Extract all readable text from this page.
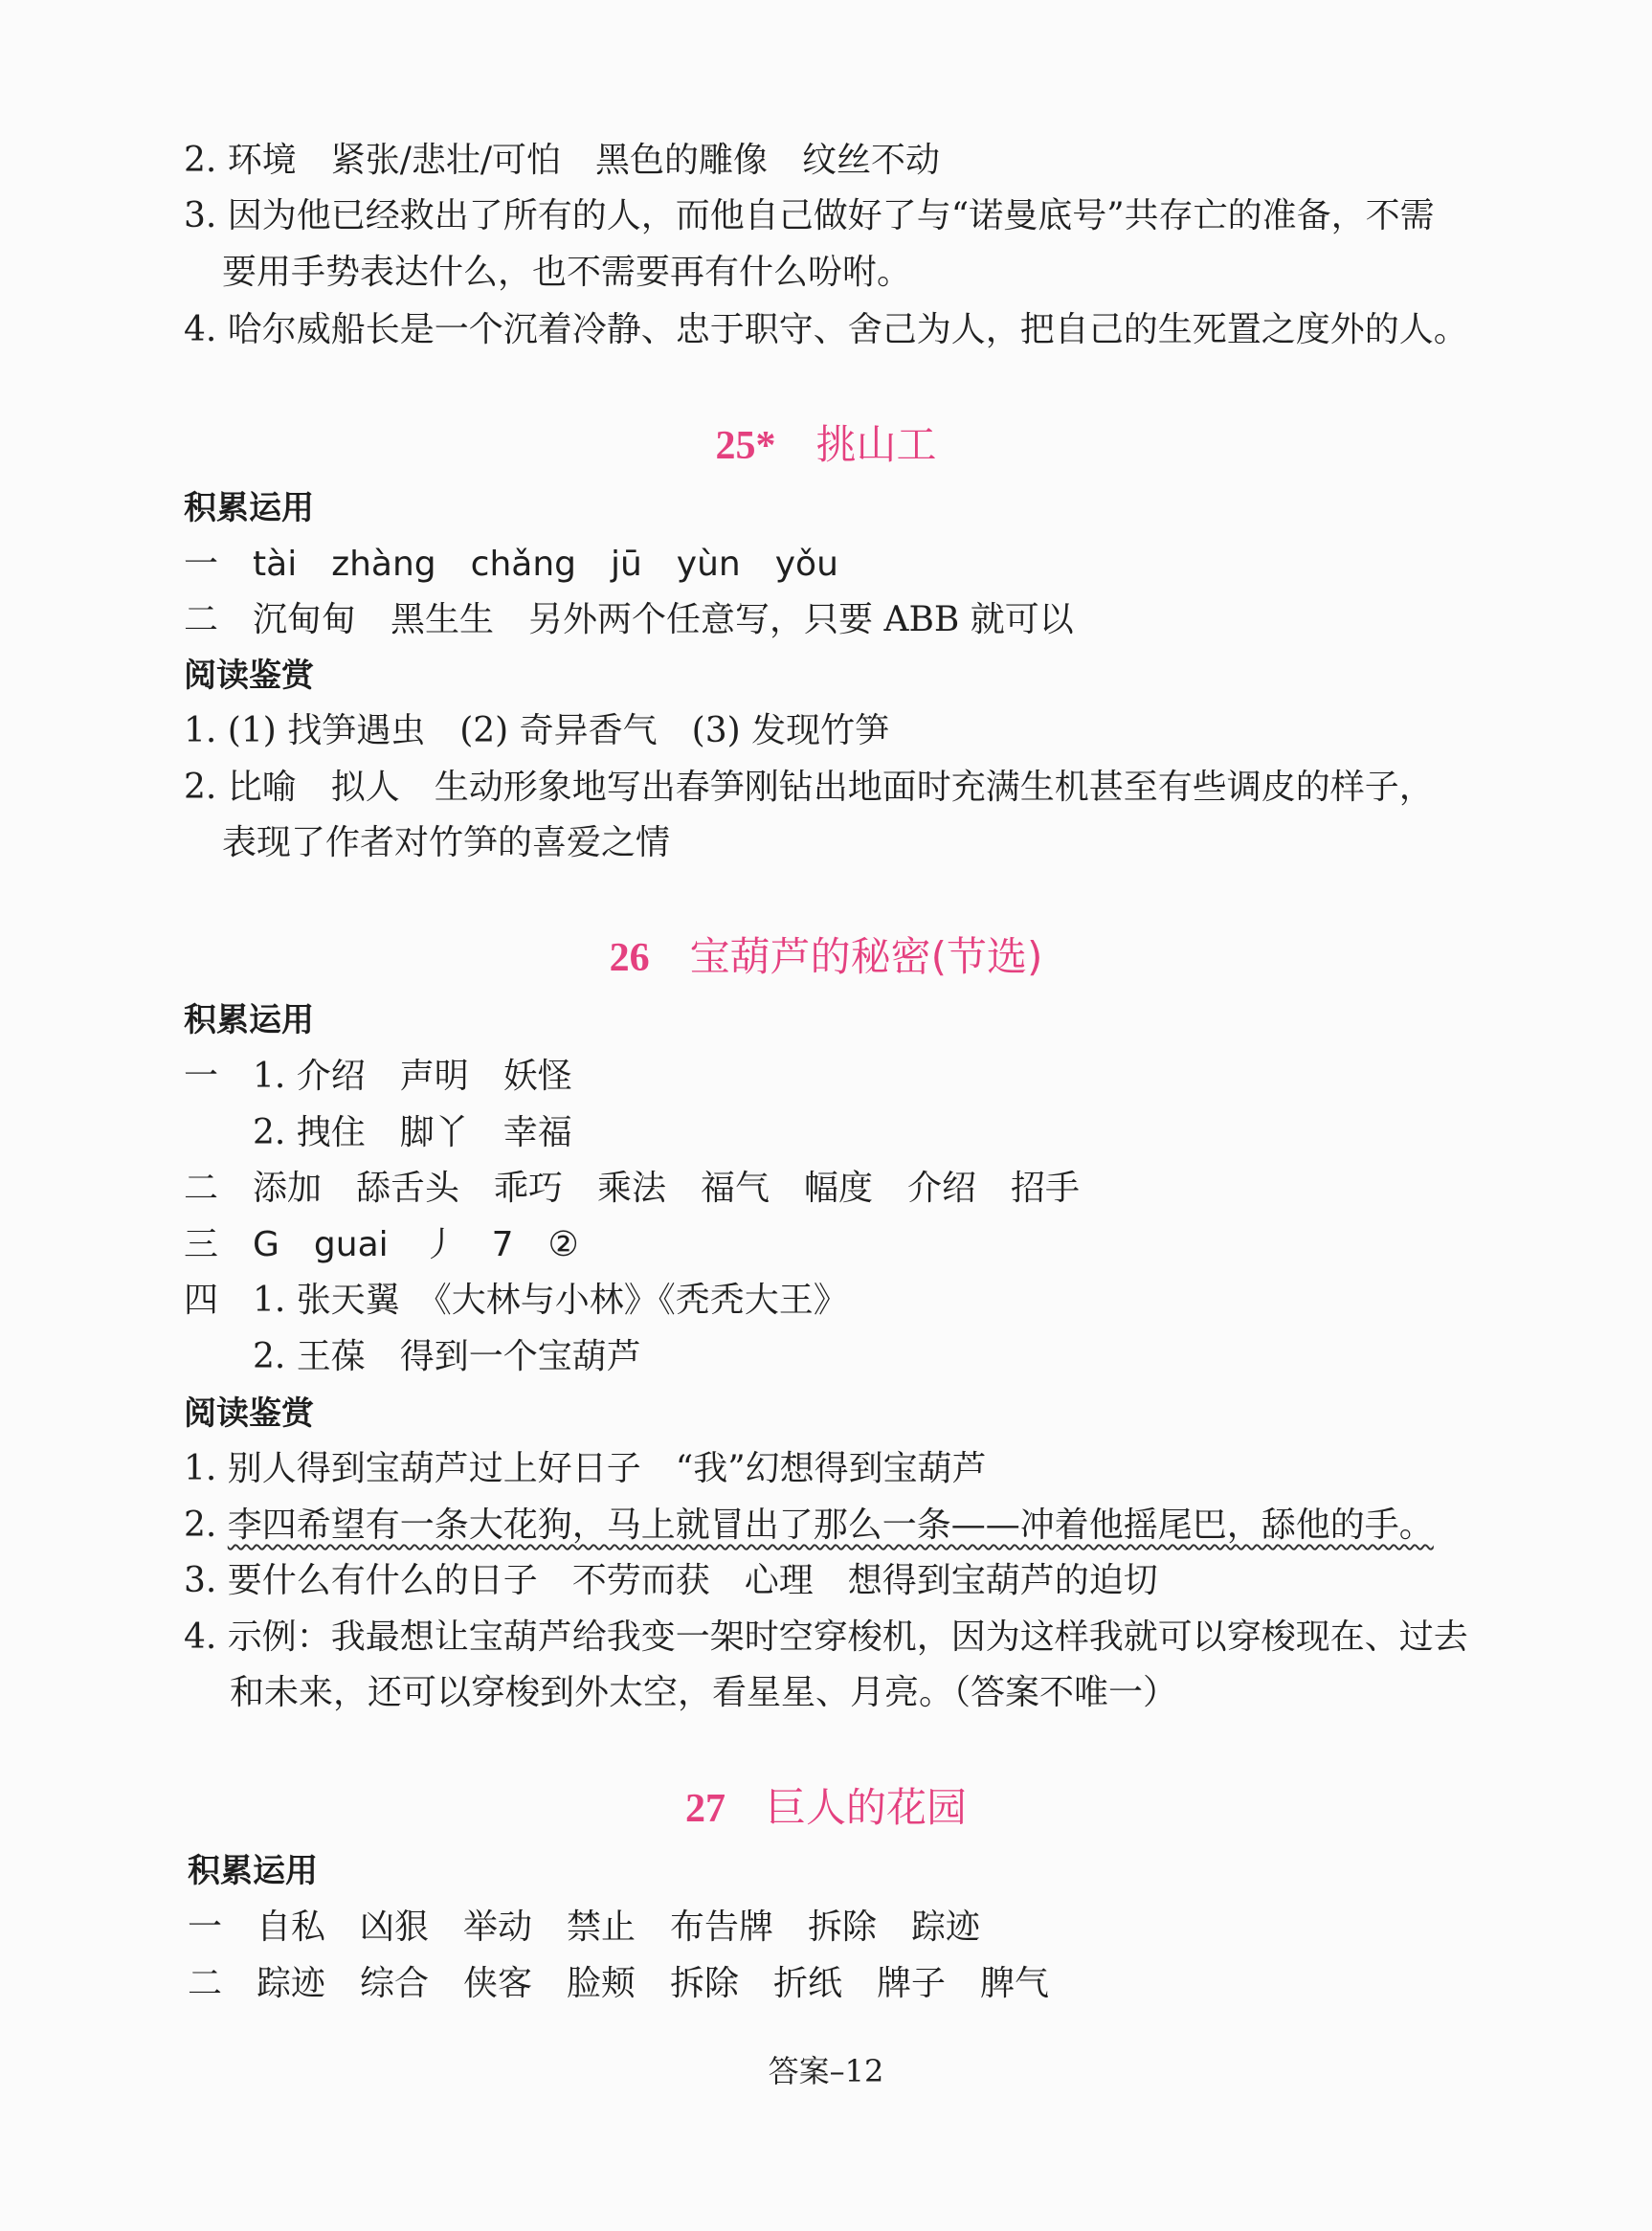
2. 环境　紧张/悲壮/可怕　黑色的雕像　纹丝不动
3. 因为他已经救出了所有的人，而他自己做好了与“诺曼底号”共存亡的准备，不需
要用手势表达什么，也不需要再有什么吩咐。
4. 哈尔威船长是一个沉着冷静、忠于职守、舍己为人，把自己的生死置之度外的人。
25*　 挑山工
积累运用
一　 tài　zhàng　chǎng　jū　yùn　yǒu
二　沉甸甸　黑生生　另外两个任意写，只要 ABB 就可以
阅读鉴赏
1. (1) 找笋遇虫　(2) 奇异香气　(3) 发现竹笋
2. 比喻　拟人　生动形象地写出春笋刚钻出地面时充满生机甚至有些调皮的样子，
表现了作者对竹笋的喜爱之情
26　 宝葫芦的秘密(节选)
积累运用
一　1. 介绍　声明　妖怪
2. 拽住　脚丫　幸福
二　添加　舔舌头　乖巧　乘法　福气　幅度　介绍　招手
三　G　guai　丿　7　②
四　1. 张天翼　《大林与小林》《秃秃大王》
2. 王葆　得到一个宝葫芦
阅读鉴赏
1. 别人得到宝葫芦过上好日子　“我”幻想得到宝葫芦
2. 李四希望有一条大花狗，马上就冒出了那么一条——冲着他摇尾巴，舔他的手。
3. 要什么有什么的日子　不劳而获　心理　想得到宝葫芦的迫切
4. 示例：我最想让宝葫芦给我变一架时空穿梭机，因为这样我就可以穿梭现在、过去
和未来，还可以穿梭到外太空，看星星、月亮。（答案不唯一）
27　 巨人的花园
积累运用
一　自私　凶狠　举动　禁止　布告牌　拆除　踪迹
二　踪迹　综合　侠客　脸颊　拆除　折纸　牌子　脾气
答案–12
